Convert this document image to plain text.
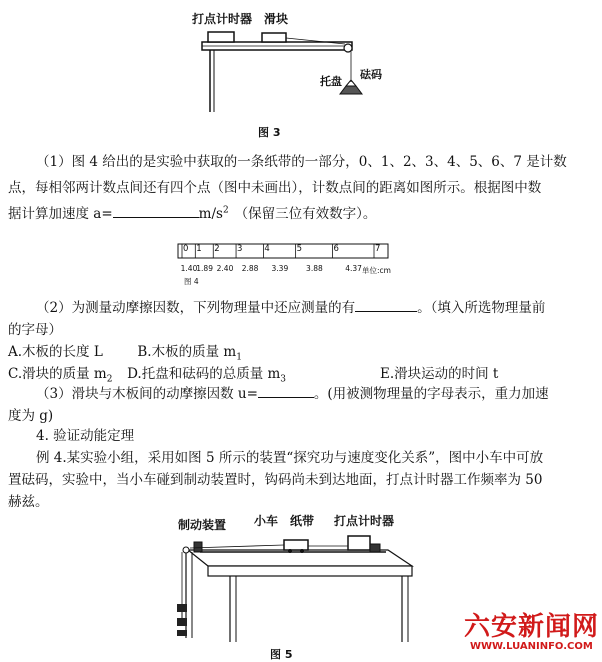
打点计时器 滑块
托盘
砝码
图 3
（1）图 4 给出的是实验中获取的一条纸带的一部分，0、1、2、3、4、5、6、7 是计数
点，每相邻两计数点间还有四个点（图中未画出），计数点间的距离如图所示。根据图中数
据计算加速度 a=	$m/s^2$ （保留三位有效数字）。
0 1 2 3	4	5	6	7
1.40
1.89 2.40 2.88 3.39 3.88	4.37 单位:cm
图 4
（2）为测量动摩擦因数，下列物理量中还应测量的有	。（填入所选物理量前
的字母）
A.木板的长度 L	B.木板的质量 $m_1$
C.滑块的质量 $m_2$ D.托盘和砝码的总质量 $m_3$	E.滑块运动的时间 t
（3）滑块与木板间的动摩擦因数 u=	。(用被测物理量的字母表示，重力加速
度为 g)
4. 验证动能定理
例 4.某实验小组，采用如图 5 所示的装置“探究功与速度变化关系”，图中小车中可放
置砝码，实验中，当小车碰到制动装置时，钩码尚未到达地面，打点计时器工作频率为 50
赫兹。
制动装置 小车 纸带 打点计时器
图 5
六安新闻网
WWW.LUANINFO.COM
